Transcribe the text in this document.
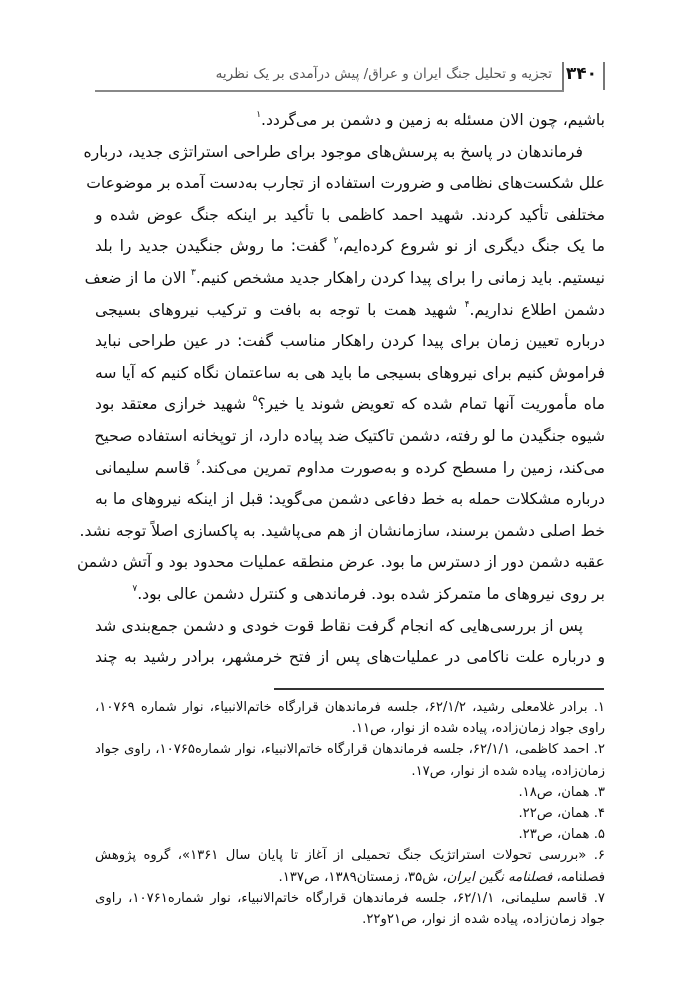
۳۴۰
تجزیه و تحلیل جنگ ایران و عراق/ پیش درآمدی بر یک نظریه
باشیم، چون الان مسئله به زمین و دشمن بر می‌گردد.$^۱$
فرماندهان در پاسخ به پرسش‌های موجود برای طراحی استراتژی جدید، درباره
علل شکست‌های نظامی و ضرورت استفاده از تجارب به‌دست آمده بر موضوعات
مختلفی تأکید کردند. شهید احمد کاظمی با تأکید بر اینکه جنگ عوض شده و
ما یک جنگ دیگری از نو شروع کرده‌ایم،$^۲$ گفت: ما روش جنگیدن جدید را بلد
نیستیم. باید زمانی را برای پیدا کردن راهکار جدید مشخص کنیم.$^۳$ الان ما از ضعف
دشمن اطلاع نداریم.$^۴$ شهید همت با توجه به بافت و ترکیب نیروهای بسیجی
درباره تعیین زمان برای پیدا کردن راهکار مناسب گفت: در عین طراحی نباید
فراموش کنیم برای نیروهای بسیجی ما باید هی به ساعتمان نگاه کنیم که آیا سه
ماه مأموریت آنها تمام شده که تعویض شوند یا خیر؟$^۵$ شهید خرازی معتقد بود
شیوه جنگیدن ما لو رفته، دشمن تاکتیک ضد پیاده دارد، از توپخانه استفاده صحیح
می‌کند، زمین را مسطح کرده و به‌صورت مداوم تمرین می‌کند.$^۶$ قاسم سلیمانی
درباره مشکلات حمله به خط دفاعی دشمن می‌گوید: قبل از اینکه نیروهای ما به
خط اصلی دشمن برسند، سازمانشان از هم می‌پاشید. به پاکسازی اصلاً توجه نشد.
عقبه دشمن دور از دسترس ما بود. عرض منطقه عملیات محدود بود و آتش دشمن
بر روی نیروهای ما متمرکز شده بود. فرماندهی و کنترل دشمن عالی بود.$^۷$
پس از بررسی‌هایی که انجام گرفت نقاط قوت خودی و دشمن جمع‌بندی شد
و درباره علت ناکامی در عملیات‌های پس از فتح خرمشهر، برادر رشید به چند
۱. برادر غلامعلی رشید، ۶۲/۱/۲، جلسه فرماندهان قرارگاه خاتم‌الانبیاء، نوار شماره ۱۰۷۶۹،
راوی جواد زمان‌زاده، پیاده شده از نوار، ص۱۱.
۲. احمد کاظمی، ۶۲/۱/۱، جلسه فرماندهان قرارگاه خاتم‌الانبیاء، نوار شماره۱۰۷۶۵، راوی جواد
زمان‌زاده، پیاده شده از نوار، ص۱۷.
۳. همان، ص۱۸.
۴. همان، ص۲۲.
۵. همان، ص۲۳.
۶. «بررسی تحولات استراتژیک جنگ تحمیلی از آغاز تا پایان سال ۱۳۶۱»، گروه پژوهش
فصلنامه، فصلنامه نگین ایران، ش۳۵، زمستان۱۳۸۹، ص۱۳۷.
۷. قاسم سلیمانی، ۶۲/۱/۱، جلسه فرماندهان قرارگاه خاتم‌الانبیاء، نوار شماره۱۰۷۶۱، راوی
جواد زمان‌زاده، پیاده شده از نوار، ص۲۱و۲۲.
